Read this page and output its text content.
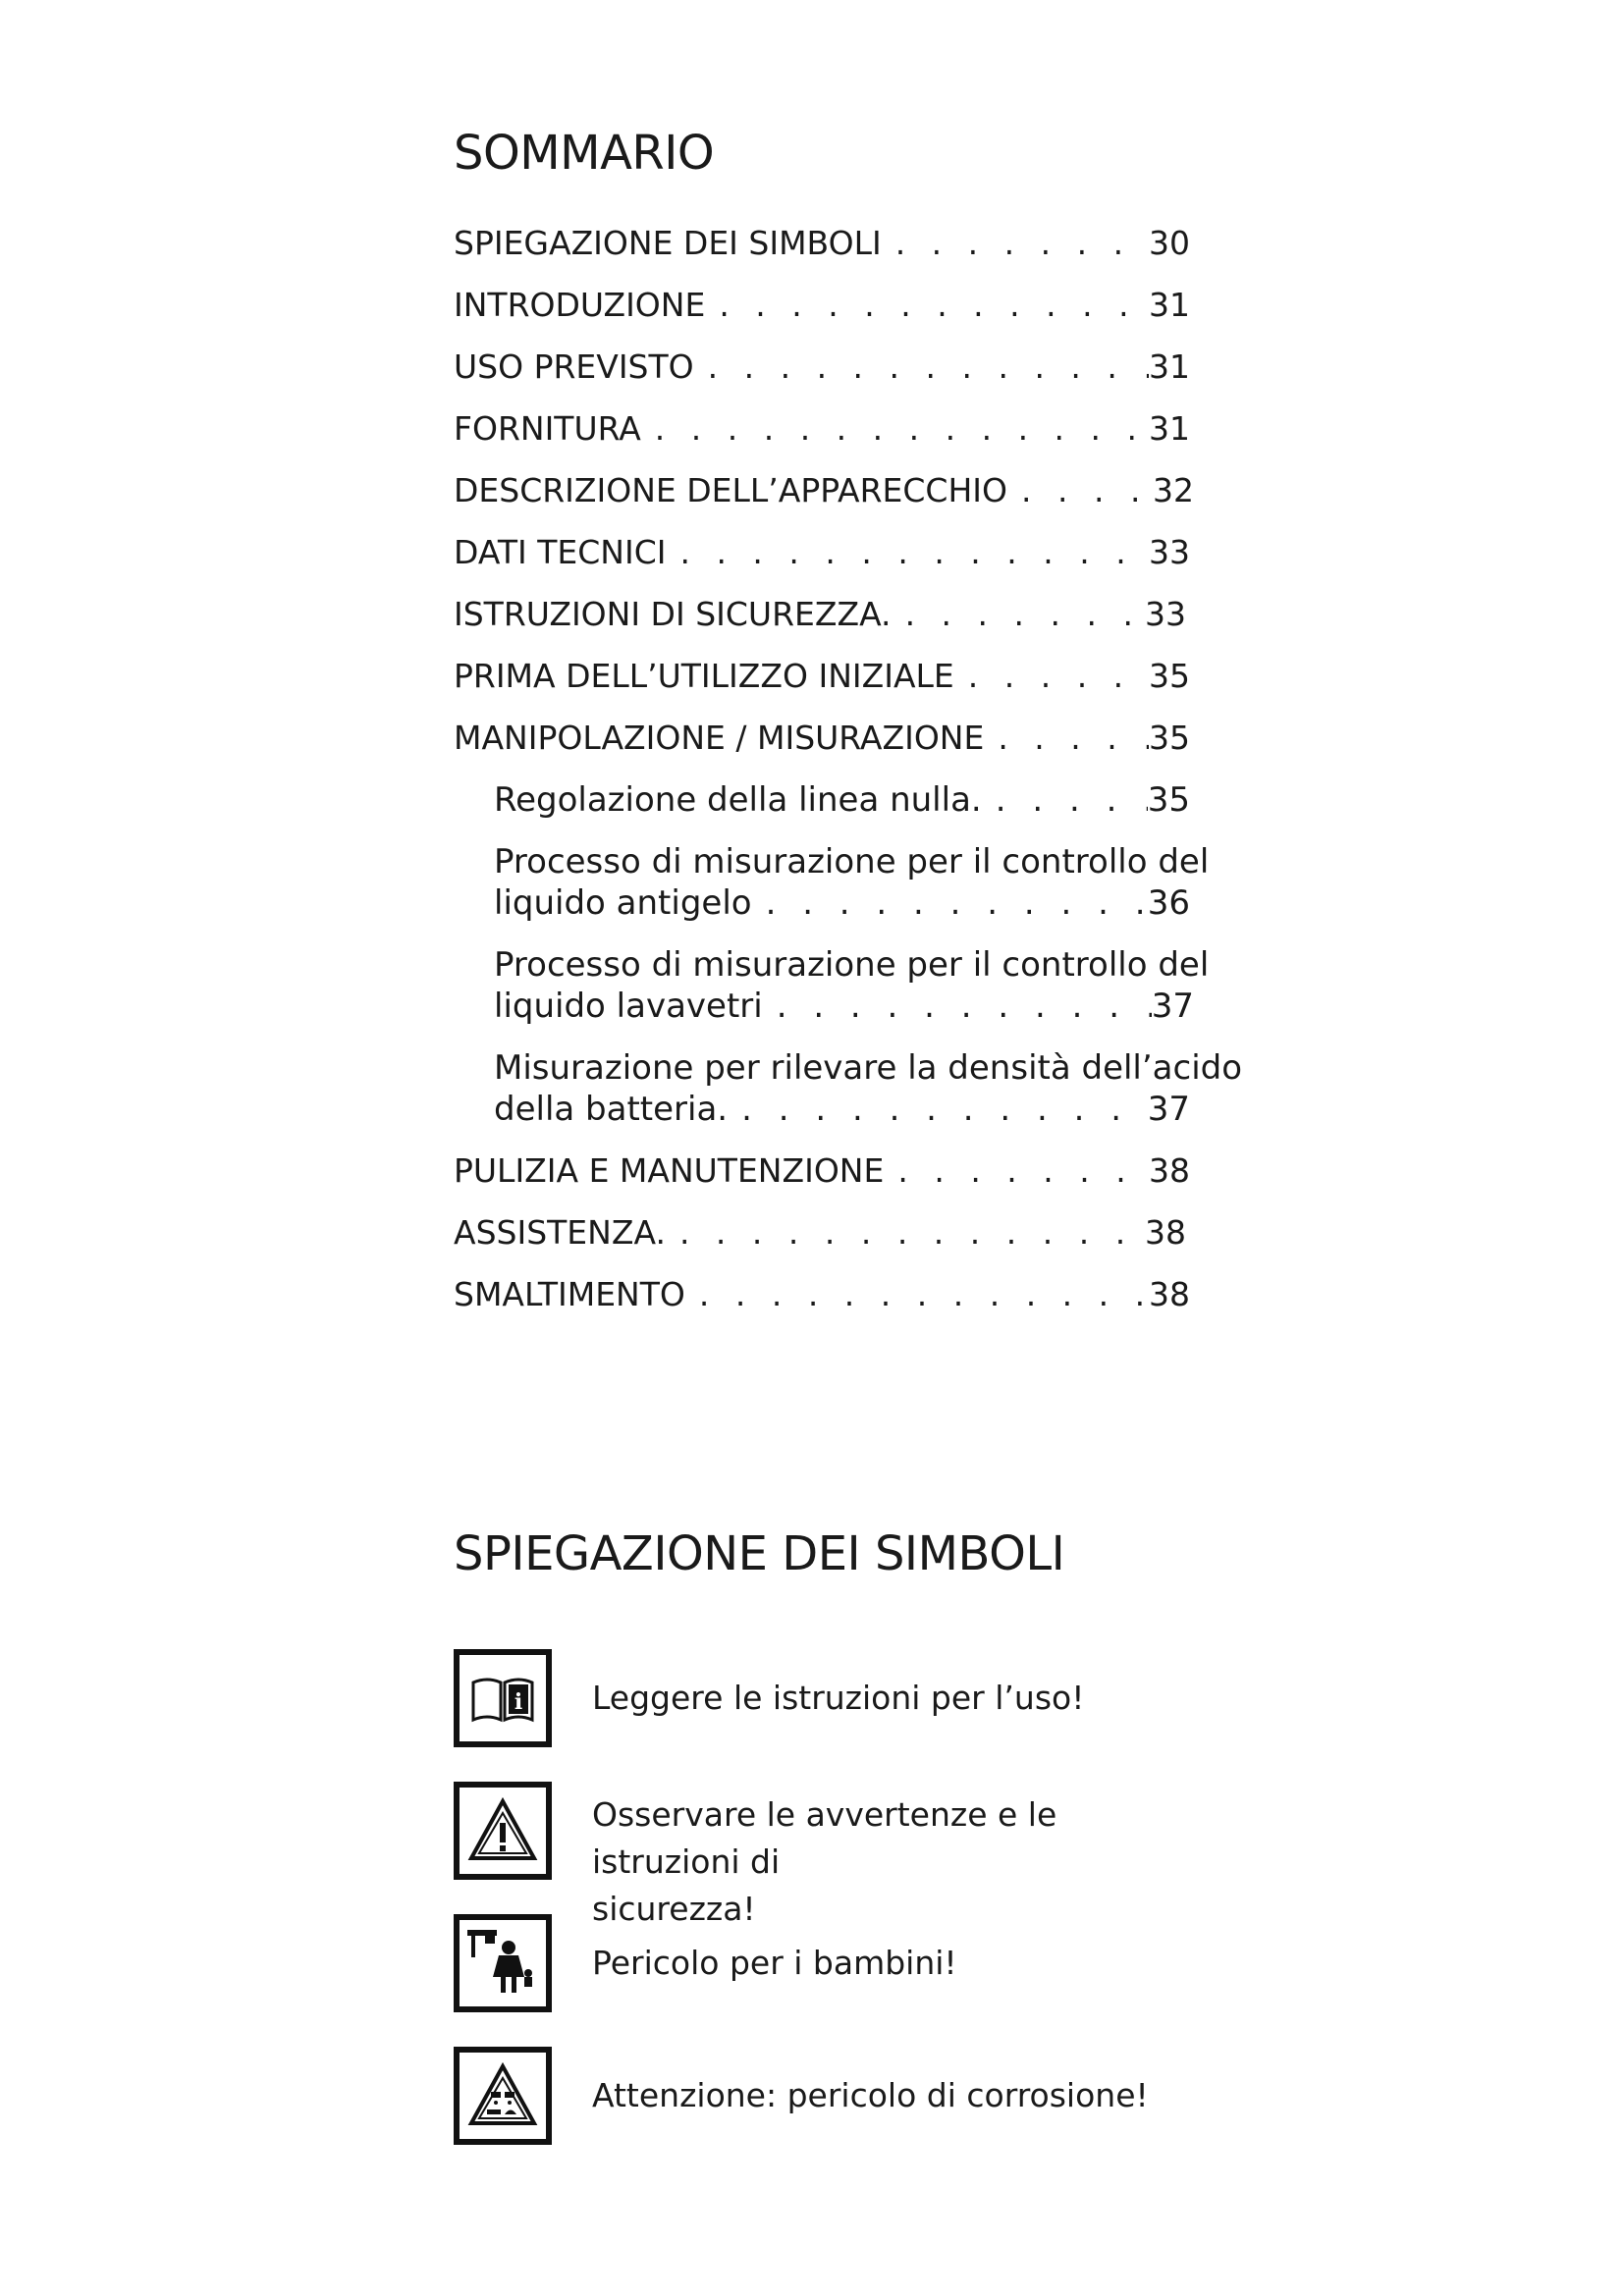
SOMMARIO
SPIEGAZIONE DEI SIMBOLI . . .	30
INTRODUZIONE . . .	31
USO PREVISTO . . .	31
FORNITURA . . .	31
DESCRIZIONE DELL’APPARECCHIO . . .	32
DATI TECNICI . . .	33
ISTRUZIONI DI SICUREZZA. . . .	33
PRIMA DELL’UTILIZZO INIZIALE . . .	35
MANIPOLAZIONE / MISURAZIONE . . .	35
Regolazione della linea nulla. . . .	35
Processo di misurazione per il controllo del
liquido antigelo . . .	36
Processo di misurazione per il controllo del
liquido lavavetri . . .	37
Misurazione per rilevare la densità dell’acido
della batteria. . . .	37
PULIZIA E MANUTENZIONE . . .	38
ASSISTENZA. . . .	38
SMALTIMENTO . . .	38
SPIEGAZIONE DEI SIMBOLI
i Leggere le istruzioni per l’uso!
Osservare le avvertenze e le istruzioni di
sicurezza!
Pericolo per i bambini!
Attenzione: pericolo di corrosione!
